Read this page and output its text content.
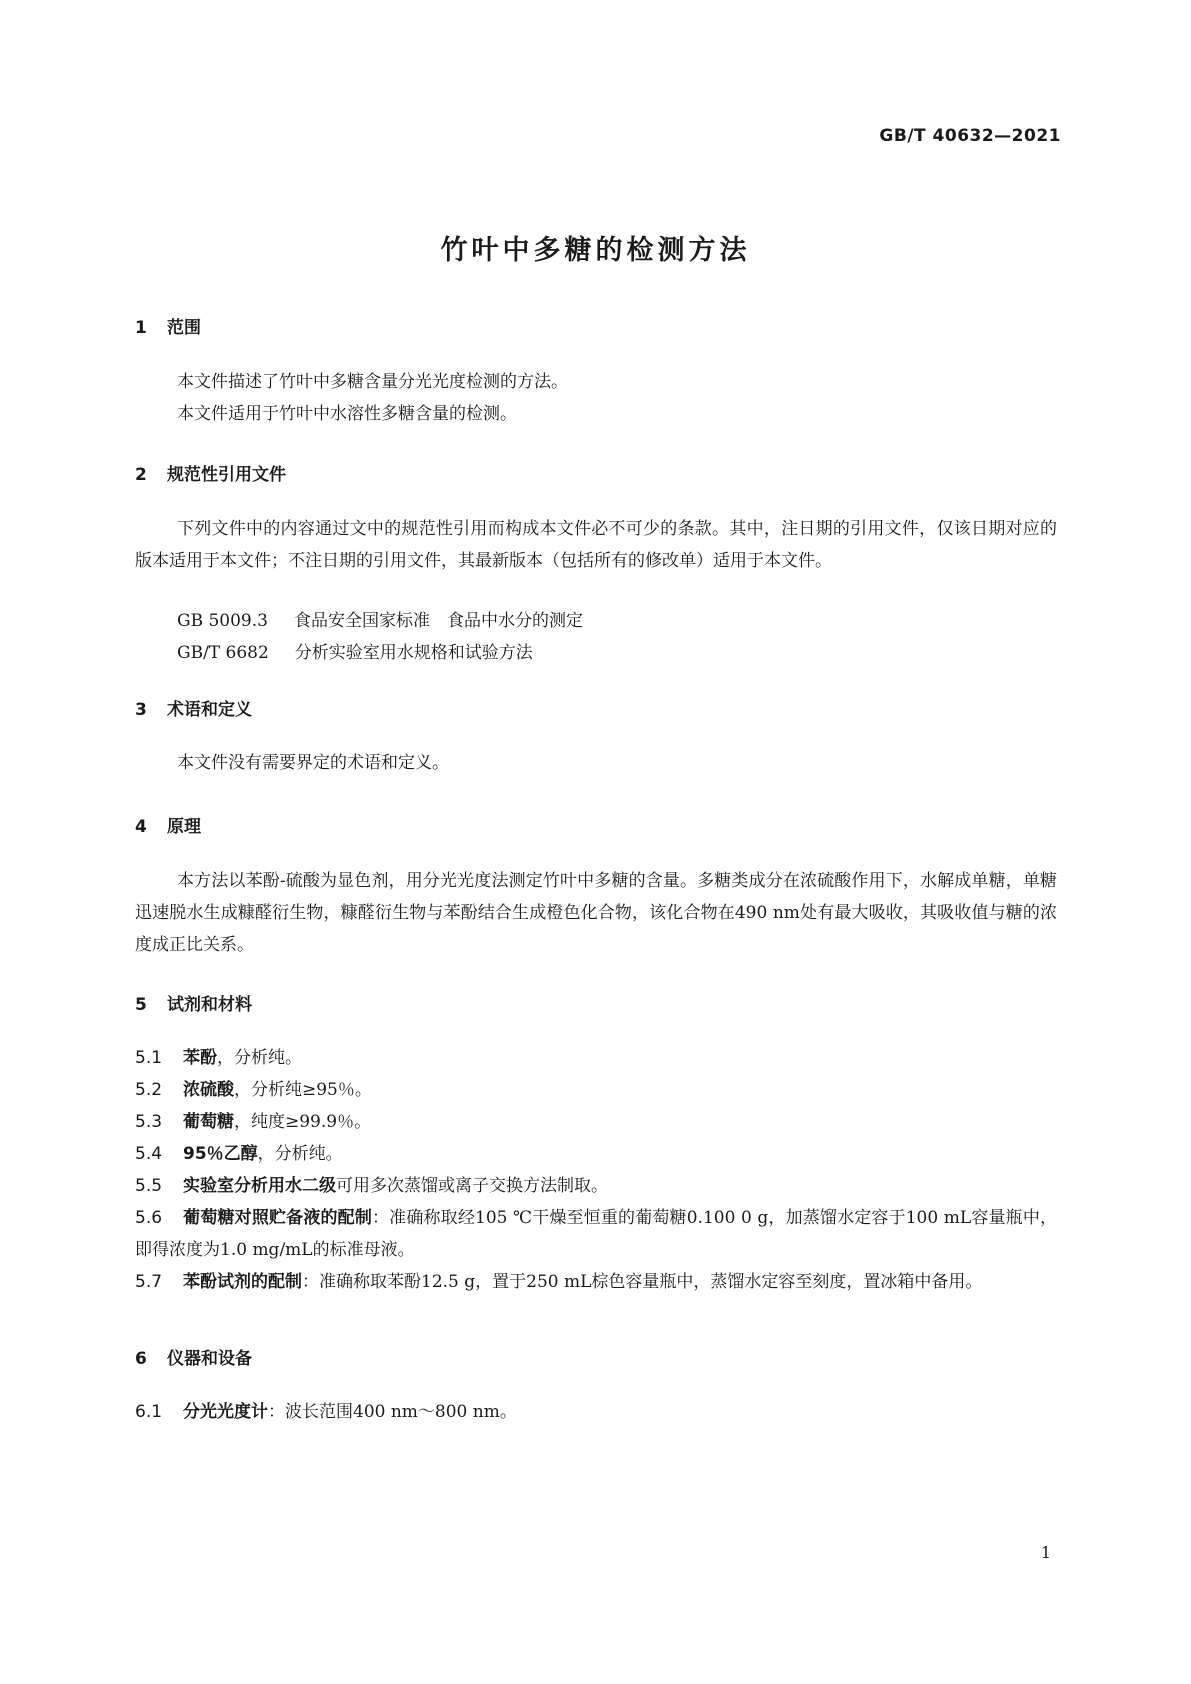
GB/T 40632—2021
竹叶中多糖的检测方法
1 范围
本文件描述了竹叶中多糖含量分光光度检测的方法。
本文件适用于竹叶中水溶性多糖含量的检测。
2 规范性引用文件
下列文件中的内容通过文中的规范性引用而构成本文件必不可少的条款。其中，注日期的引用文件，仅该日期对应的版本适用于本文件；不注日期的引用文件，其最新版本（包括所有的修改单）适用于本文件。
GB 5009.3 食品安全国家标准　食品中水分的测定
GB/T 6682 分析实验室用水规格和试验方法
3 术语和定义
本文件没有需要界定的术语和定义。
4 原理
本方法以苯酚-硫酸为显色剂，用分光光度法测定竹叶中多糖的含量。多糖类成分在浓硫酸作用下，水解成单糖，单糖迅速脱水生成糠醛衍生物，糠醛衍生物与苯酚结合生成橙色化合物，该化合物在490 nm处有最大吸收，其吸收值与糖的浓度成正比关系。
5 试剂和材料
5.1 苯酚，分析纯。
5.2 浓硫酸，分析纯≥95％。
5.3 葡萄糖，纯度≥99.9％。
5.4 95％乙醇，分析纯。
5.5 实验室分析用水二级可用多次蒸馏或离子交换方法制取。
5.6 葡萄糖对照贮备液的配制：准确称取经105 ℃干燥至恒重的葡萄糖0.100 0 g，加蒸馏水定容于100 mL容量瓶中，即得浓度为1.0 mg/mL的标准母液。
5.7 苯酚试剂的配制：准确称取苯酚12.5 g，置于250 mL棕色容量瓶中，蒸馏水定容至刻度，置冰箱中备用。
6 仪器和设备
6.1 分光光度计：波长范围400 nm～800 nm。
1
